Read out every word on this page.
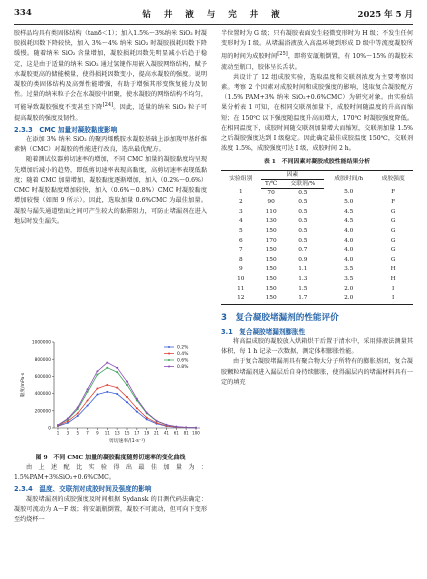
334	钻 井 液 与 完 井 液	2025 年 5 月

胶样品均具有类固体结构（tanδ＜1）；加入1.5%～3%纳米 SiO₂ 时凝胶损耗因数下降较快，加入 3%～4% 纳米 SiO₂ 时凝胶损耗因数下降缓慢。随着纳米 SiO₂ 含量增加，凝胶损耗因数先明显减小后趋于稳定，这是由于适量的纳米 SiO₂ 通过氢键作用嵌入凝胶网络结构，赋予水凝胶更高的储能模量，使得损耗因数变小，提高水凝胶的强度。说明凝胶的类固体结构及高弹性能增强，有助于增强其形变恢复能力及韧性。过量的纳米粒子会在水凝胶中团聚，使水凝胶的网络结构不均匀，可能导致凝胶强度不变甚至下降[24]。因此，适量的纳米 SiO₂ 粒子可提高凝胶的强度及韧性。

2.3.3　CMC 加量对凝胶黏度影响

在添加 3% 纳米 SiO₂ 的聚丙烯酰胺水凝胶基础上添加羧甲基纤维素钠（CMC）对凝胶的性能进行改良，选出最优配方。

随着测试仪器剪切速率的增加，不同 CMC 加量的凝胶黏度均呈现先增加后减小的趋势，即低剪切速率表现高黏度，高剪切速率表现低黏度；随着 CMC 加量增加，凝胶黏度逐渐增加，加入（0.2%～0.6%）CMC 时凝胶黏度增加较快，加入（0.6%～0.8%）CMC 时凝胶黏度增加较慢（如图 9 所示）。因此，选取加量 0.6%CMC 为最佳加量。凝胶与漏失通道壁面之间可产生较大的黏滞阻力，可防止堵漏剂在进入地层时发生漏失。

0
200000
400000
600000
800000
1000000
1 3 5 7 9 11 13 15 17 19 21 41 61 81 100
黏度/mPa·s
剪切速率/(1·s⁻¹)
0.2%
0.4%
0.6%
0.8%
图 9　不同 CMC 加量的凝胶黏度随剪切速率的变化曲线

由上述配比实验得出最佳加量为：1.5%PAM+3%SiO₂+0.6%CMC。

2.3.4　温度、交联剂对成胶时间及强度的影响

凝胶堵漏剂的成胶强度及时间根据 Sydansk 的目测代码法确定：凝胶可流动为 A～F 级；将安瓿瓶倒置，凝胶不可流动，但可向下变形至约烧杯一

半位置时为 G 级；只有凝胶表面发生轻微变形时为 H 级；不发生任何变形时为 I 级。从堵漏浴液放入高温环境到形成 D 级中等流度凝胶所用的时间为成胶时间[25]，即将安瓿瓶倒置，有 10%～15% 的凝胶未流动至瓶口，胶体呈长舌状。

共设计了 12 组成胶实验，选取温度和交联剂浓度为主要考察因素。考察 2 个因素对成胶时间和成胶强度的影响，选取复合凝胶配方（1.5% PAM+3% 纳米 SiO₂+0.6%CMC）为研究对象。由实验结果分析表 1 可知，在相同交联剂加量下，成胶时间随温度的升高而缩短；在 150℃ 以下强度随温度升高而增大，170℃ 时凝胶强度降低。在相同温度下，成胶时间随交联剂加量增大而缩短，交联剂加量 1.5% 之后凝胶强度达到 I 级稳定。因此确定最佳成胶温度 150℃，交联剂浓度 1.5%，成胶强度可达 I 级，成胶时间 2 h。

表 1　不同因素对凝胶成胶性能结果分析
实验组别	因素		成胶时间/h	成胶强度
	T/℃	交联剂/%		
1	70	0.5	5.0	F
2	90	0.5	5.0	F
3	110	0.5	4.5	G
4	130	0.5	4.5	G
5	150	0.5	4.0	G
6	170	0.5	4.0	G
7	150	0.7	4.0	G
8	150	0.9	4.0	G
9	150	1.1	3.5	H
10	150	1.3	3.5	H
11	150	1.5	2.0	I
12	150	1.7	2.0	I
3　复合凝胶堵漏剂的性能评价
3.1　复合凝胶堵漏剂膨胀性

将高温成胶的凝胶放入烘箱烘干后置于清水中，采用排液法测量其体积，每 1 h 记录一次数据，测定体积膨胀性能。

由于复合凝胶堵漏剂具有聚合物大分子所特有的膨胀基团，复合凝胶颗粒堵漏剂进入漏层后自身持续膨胀，使得漏层内的堵漏材料具有一定的填充
